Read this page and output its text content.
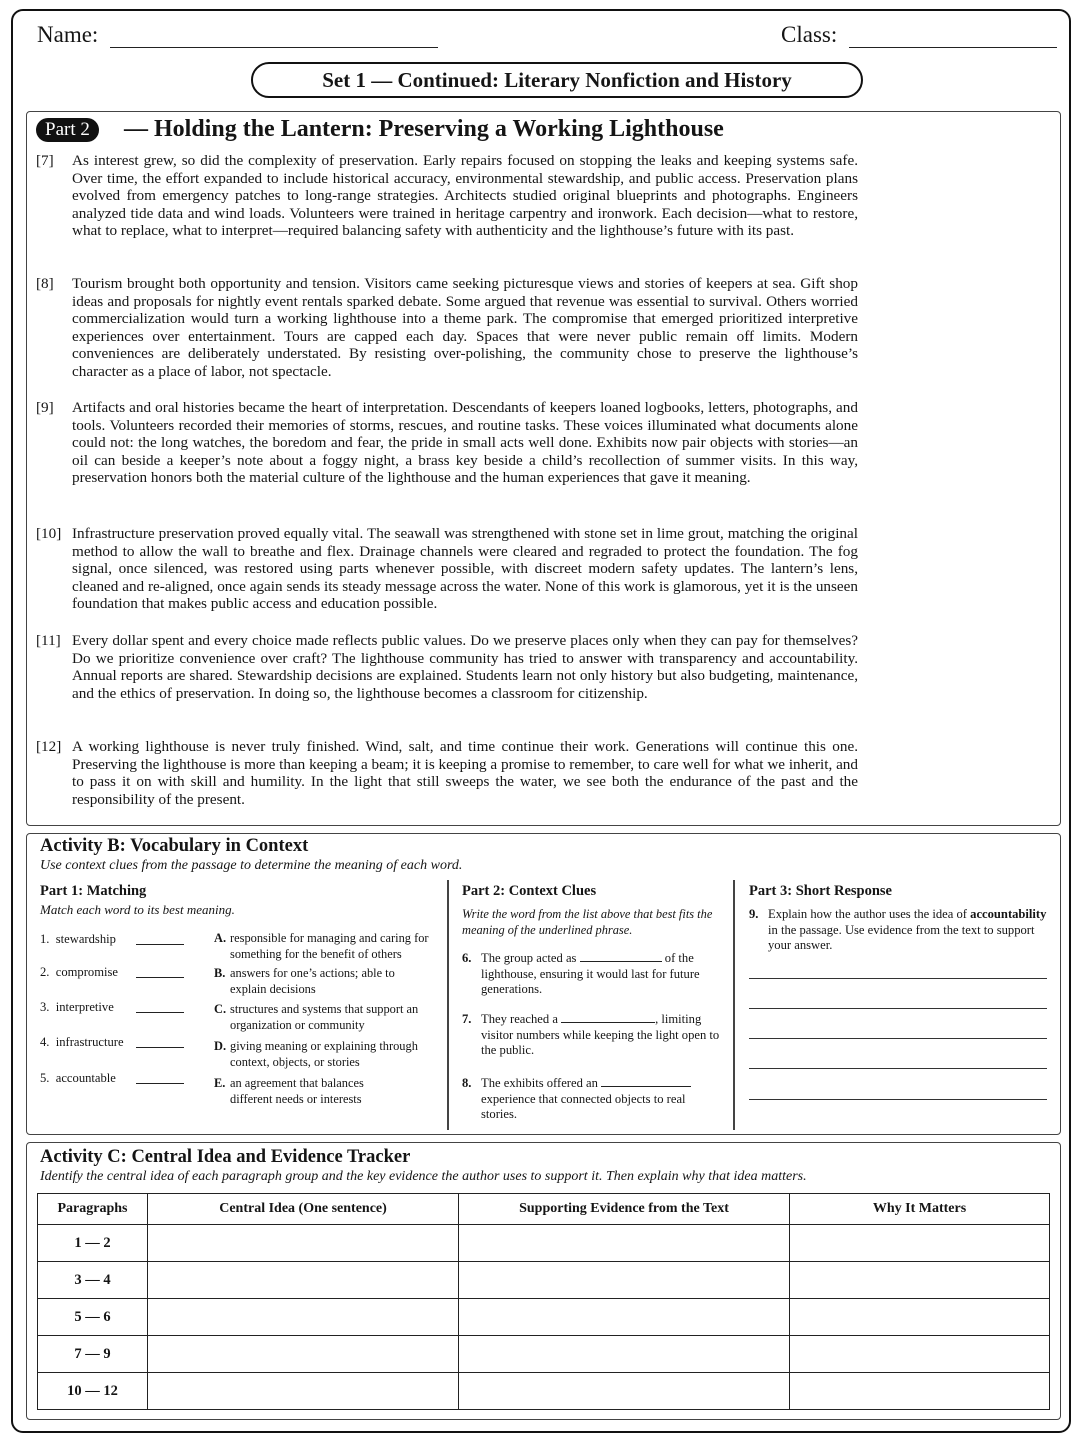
Name:	Class:
Set 1 — Continued: Literary Nonfiction and History
Part 2	— Holding the Lantern: Preserving a Working Lighthouse
[7] As interest grew, so did the complexity of preservation. Early repairs focused on stopping the leaks and keeping systems safe. Over time, the effort expanded to include historical accuracy, environmental stewardship, and public access. Preservation plans evolved from emergency patches to long-range strategies. Architects studied original blueprints and photographs. Engineers analyzed tide data and wind loads. Volunteers were trained in heritage carpentry and ironwork. Each decision—what to restore, what to replace, what to interpret—required balancing safety with authenticity and the lighthouse’s future with its past.
[8] Tourism brought both opportunity and tension. Visitors came seeking picturesque views and stories of keepers at sea. Gift shop ideas and proposals for nightly event rentals sparked debate. Some argued that revenue was essential to survival. Others worried commercialization would turn a working lighthouse into a theme park. The compromise that emerged prioritized interpretive experiences over entertainment. Tours are capped each day. Spaces that were never public remain off limits. Modern conveniences are deliberately understated. By resisting over-polishing, the community chose to preserve the lighthouse’s character as a place of labor, not spectacle.
[9] Artifacts and oral histories became the heart of interpretation. Descendants of keepers loaned logbooks, letters, photographs, and tools. Volunteers recorded their memories of storms, rescues, and routine tasks. These voices illuminated what documents alone could not: the long watches, the boredom and fear, the pride in small acts well done. Exhibits now pair objects with stories—an oil can beside a keeper’s note about a foggy night, a brass key beside a child’s recollection of summer visits. In this way, preservation honors both the material culture of the lighthouse and the human experiences that gave it meaning.
[10] Infrastructure preservation proved equally vital. The seawall was strengthened with stone set in lime grout, matching the original method to allow the wall to breathe and flex. Drainage channels were cleared and regraded to protect the foundation. The fog signal, once silenced, was restored using parts whenever possible, with discreet modern safety updates. The lantern’s lens, cleaned and re-aligned, once again sends its steady message across the water. None of this work is glamorous, yet it is the unseen foundation that makes public access and education possible.
[11] Every dollar spent and every choice made reflects public values. Do we preserve places only when they can pay for themselves? Do we prioritize convenience over craft? The lighthouse community has tried to answer with transparency and accountability. Annual reports are shared. Stewardship decisions are explained. Students learn not only history but also budgeting, maintenance, and the ethics of preservation. In doing so, the lighthouse becomes a classroom for citizenship.
[12] A working lighthouse is never truly finished. Wind, salt, and time continue their work. Generations will continue this one. Preserving the lighthouse is more than keeping a beam; it is keeping a promise to remember, to care well for what we inherit, and to pass it on with skill and humility. In the light that still sweeps the water, we see both the endurance of the past and the responsibility of the present.
Activity B: Vocabulary in Context
Use context clues from the passage to determine the meaning of each word.
Part 1: Matching
Match each word to its best meaning.
1. stewardship
2. compromise
3. interpretive
4. infrastructure
5. accountable
A. responsible for managing and caring for something for the benefit of others
B. answers for one’s actions; able to explain decisions
C. structures and systems that support an organization or community
D. giving meaning or explaining through context, objects, or stories
E. an agreement that balances different needs or interests
Part 2: Context Clues
Write the word from the list above that best fits the meaning of the underlined phrase.
6. The group acted as	of the lighthouse, ensuring it would last for future generations.
7. They reached a	, limiting visitor numbers while keeping the light open to the public.
8. The exhibits offered an  experience that connected objects to real stories.
Part 3: Short Response
9. Explain how the author uses the idea of accountability in the passage. Use evidence from the text to support your answer.
Activity C: Central Idea and Evidence Tracker
Identify the central idea of each paragraph group and the key evidence the author uses to support it. Then explain why that idea matters.
Paragraphs	Central Idea (One sentence)	Supporting Evidence from the Text	Why It Matters
1 — 2			
3 — 4			
5 — 6			
7 — 9			
10 — 12			
